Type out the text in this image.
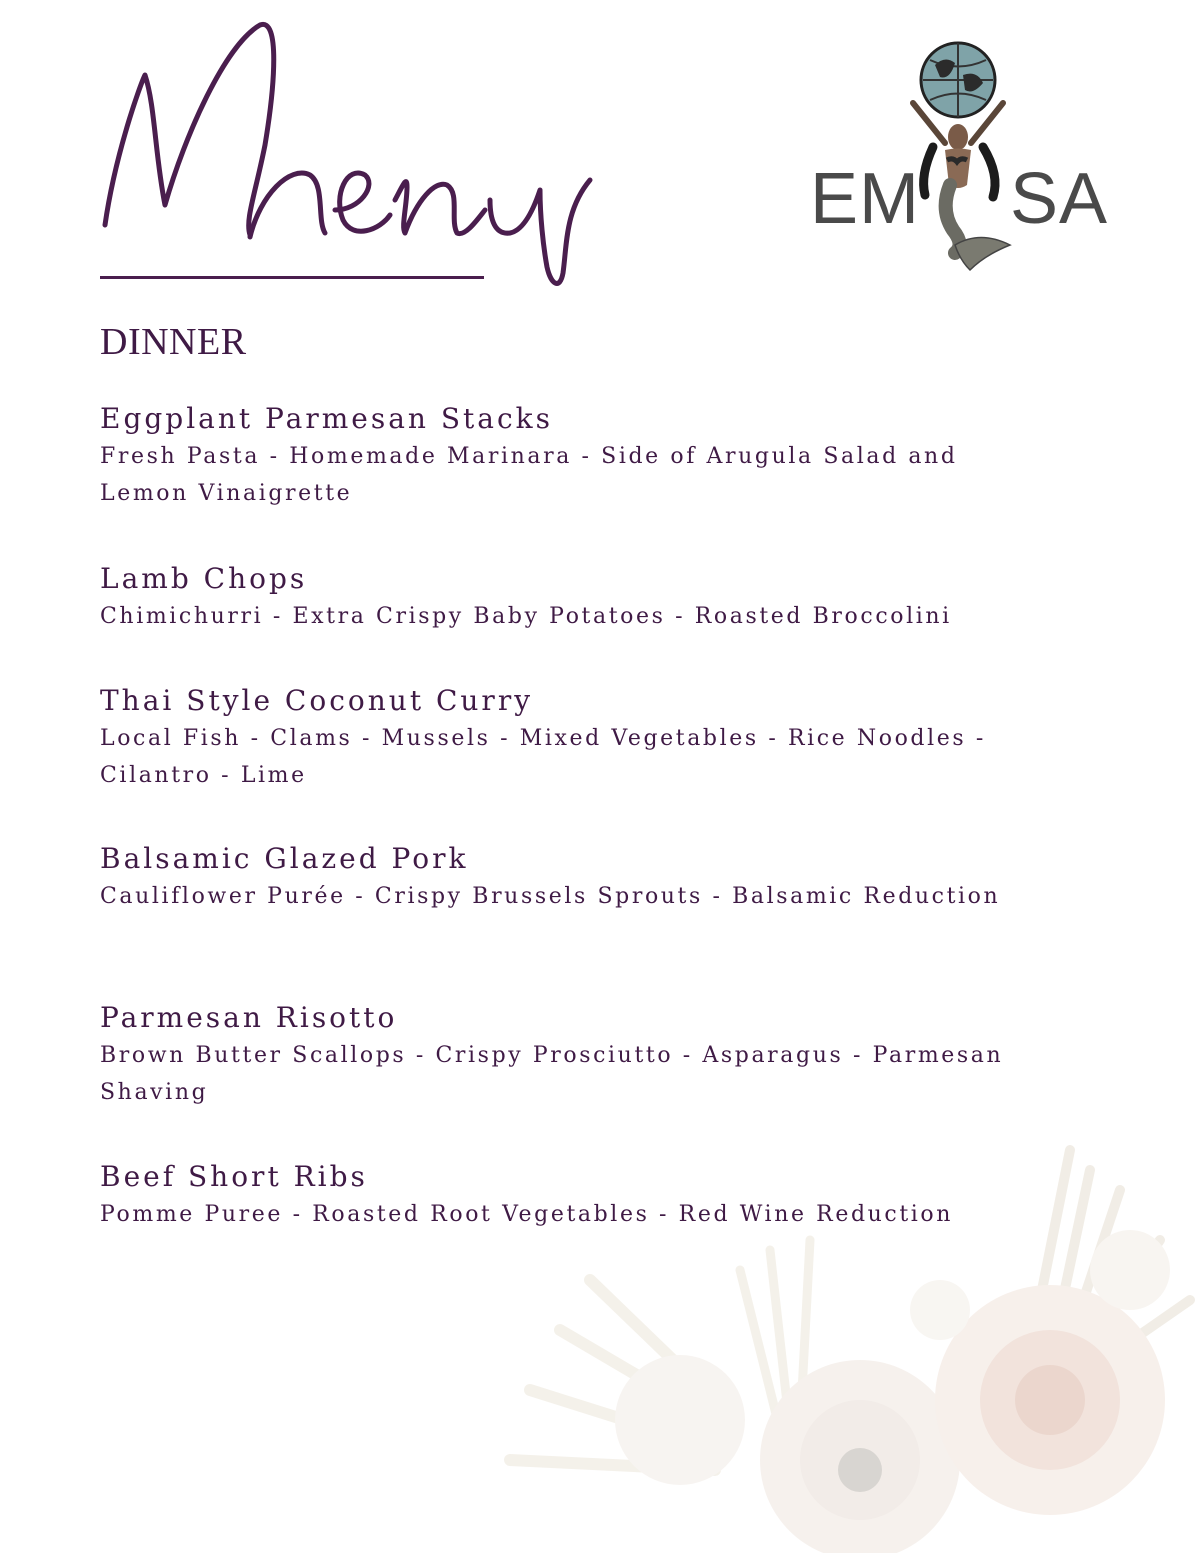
EM SA
DINNER
Eggplant Parmesan Stacks
Fresh Pasta - Homemade Marinara - Side of Arugula Salad and Lemon Vinaigrette
Lamb Chops
Chimichurri - Extra Crispy Baby Potatoes - Roasted Broccolini
Thai Style Coconut Curry
Local Fish - Clams - Mussels - Mixed Vegetables - Rice Noodles - Cilantro - Lime
Balsamic Glazed Pork
Cauliflower Purée - Crispy Brussels Sprouts - Balsamic Reduction
Parmesan Risotto
Brown Butter Scallops - Crispy Prosciutto - Asparagus - Parmesan Shaving
Beef Short Ribs
Pomme Puree - Roasted Root Vegetables - Red Wine Reduction
